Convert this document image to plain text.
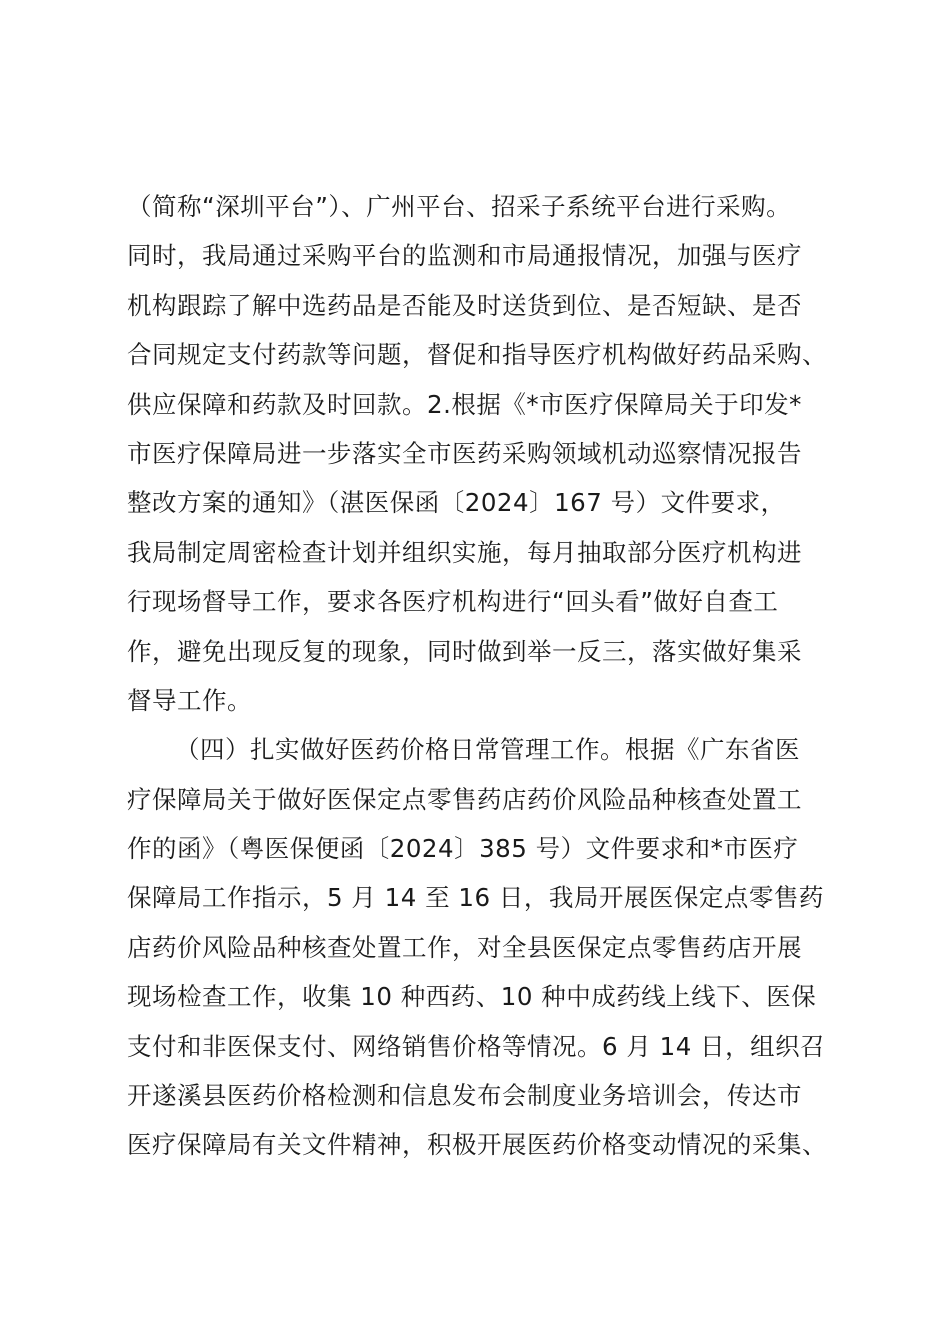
（简称“深圳平台”）、广州平台、招采子系统平台进行采购。
同时，我局通过采购平台的监测和市局通报情况，加强与医疗
机构跟踪了解中选药品是否能及时送货到位、是否短缺、是否
合同规定支付药款等问题，督促和指导医疗机构做好药品采购、
供应保障和药款及时回款。2.根据《*市医疗保障局关于印发*
市医疗保障局进一步落实全市医药采购领域机动巡察情况报告
整改方案的通知》（湛医保函〔2024〕167 号）文件要求，
我局制定周密检查计划并组织实施，每月抽取部分医疗机构进
行现场督导工作，要求各医疗机构进行“回头看”做好自查工
作，避免出现反复的现象，同时做到举一反三，落实做好集采
督导工作。
（四）扎实做好医药价格日常管理工作。根据《广东省医
疗保障局关于做好医保定点零售药店药价风险品种核查处置工
作的函》（粤医保便函〔2024〕385 号）文件要求和*市医疗
保障局工作指示，5 月 14 至 16 日，我局开展医保定点零售药
店药价风险品种核查处置工作，对全县医保定点零售药店开展
现场检查工作，收集 10 种西药、10 种中成药线上线下、医保
支付和非医保支付、网络销售价格等情况。6 月 14 日，组织召
开遂溪县医药价格检测和信息发布会制度业务培训会，传达市
医疗保障局有关文件精神，积极开展医药价格变动情况的采集、
